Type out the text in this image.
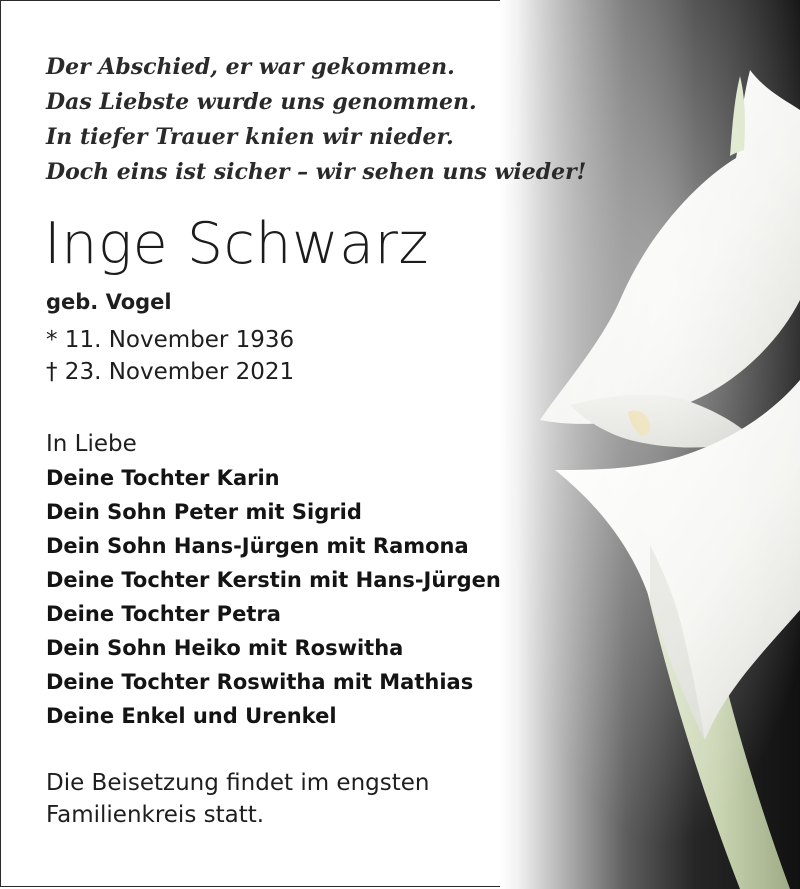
Der Abschied, er war gekommen.

Das Liebste wurde uns genommen.

In tiefer Trauer knien wir nieder.

Doch eins ist sicher – wir sehen uns wieder!

Inge Schwarz
geb. Vogel
* 11. November 1936
† 23. November 2021
In Liebe
Deine Tochter Karin
Dein Sohn Peter mit Sigrid
Dein Sohn Hans-Jürgen mit Ramona
Deine Tochter Kerstin mit Hans-Jürgen
Deine Tochter Petra
Dein Sohn Heiko mit Roswitha
Deine Tochter Roswitha mit Mathias
Deine Enkel und Urenkel
Die Beisetzung findet im engsten
Familienkreis statt.
